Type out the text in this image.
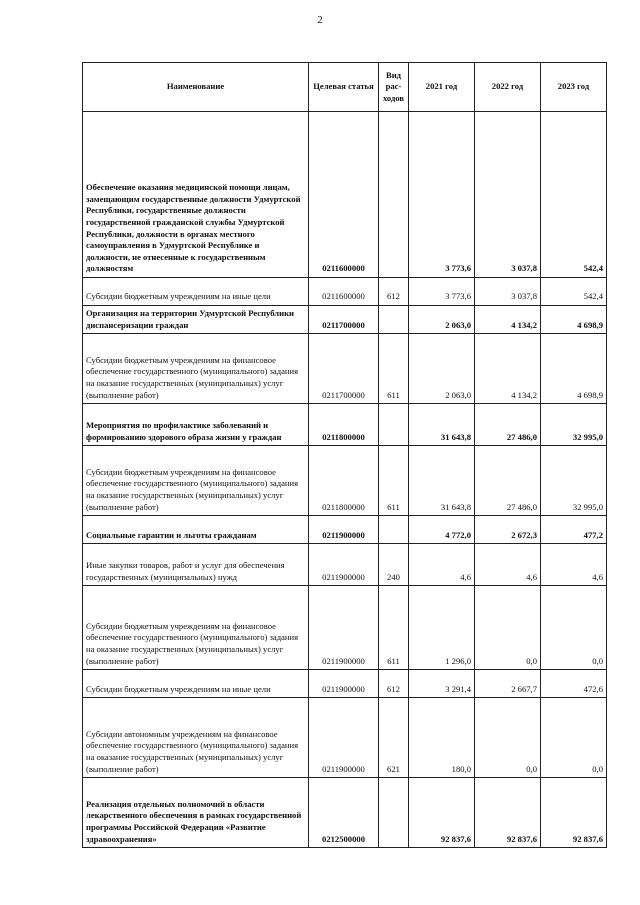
2
Наименование	Целевая статья	Вид рас-ходов	2021 год	2022 год	2023 год
Обеспечение оказания медицинской помощи лицам, замещающим государственные должности Удмуртской Республики, государственные должности государственной гражданской службы Удмуртской Республики, должности в органах местного самоуправления в Удмуртской Республике и должности, не отнесенные к государственным должностям	0211600000		3 773,6	3 037,8	542,4
Субсидии бюджетным учреждениям на иные цели	0211600000	612	3 773,6	3 037,8	542,4
Организация на территории Удмуртской Республики диспансеризации граждан	0211700000		2 063,0	4 134,2	4 698,9
Субсидии бюджетным учреждениям на финансовое обеспечение государственного (муниципального) задания на оказание государственных (муниципальных) услуг (выполнение работ)	0211700000	611	2 063,0	4 134,2	4 698,9
Мероприятия по профилактике заболеваний и формированию здорового образа жизни у граждан	0211800000		31 643,8	27 486,0	32 995,0
Субсидии бюджетным учреждениям на финансовое обеспечение государственного (муниципального) задания на оказание государственных (муниципальных) услуг (выполнение работ)	0211800000	611	31 643,8	27 486,0	32 995,0
Социальные гарантии и льготы гражданам	0211900000		4 772,0	2 672,3	477,2
Иные закупки товаров, работ и услуг для обеспечения государственных (муниципальных) нужд	0211900000	240	4,6	4,6	4,6
Субсидии бюджетным учреждениям на финансовое обеспечение государственного (муниципального) задания на оказание государственных (муниципальных) услуг (выполнение работ)	0211900000	611	1 296,0	0,0	0,0
Субсидии бюджетным учреждениям на иные цели	0211900000	612	3 291,4	2 667,7	472,6
Субсидии автономным учреждениям на финансовое обеспечение государственного (муниципального) задания на оказание государственных (муниципальных) услуг (выполнение работ)	0211900000	621	180,0	0,0	0,0
Реализация отдельных полномочий в области лекарственного обеспечения в рамках государственной программы Российской Федерации «Развитие здравоохранения»	0212500000		92 837,6	92 837,6	92 837,6
